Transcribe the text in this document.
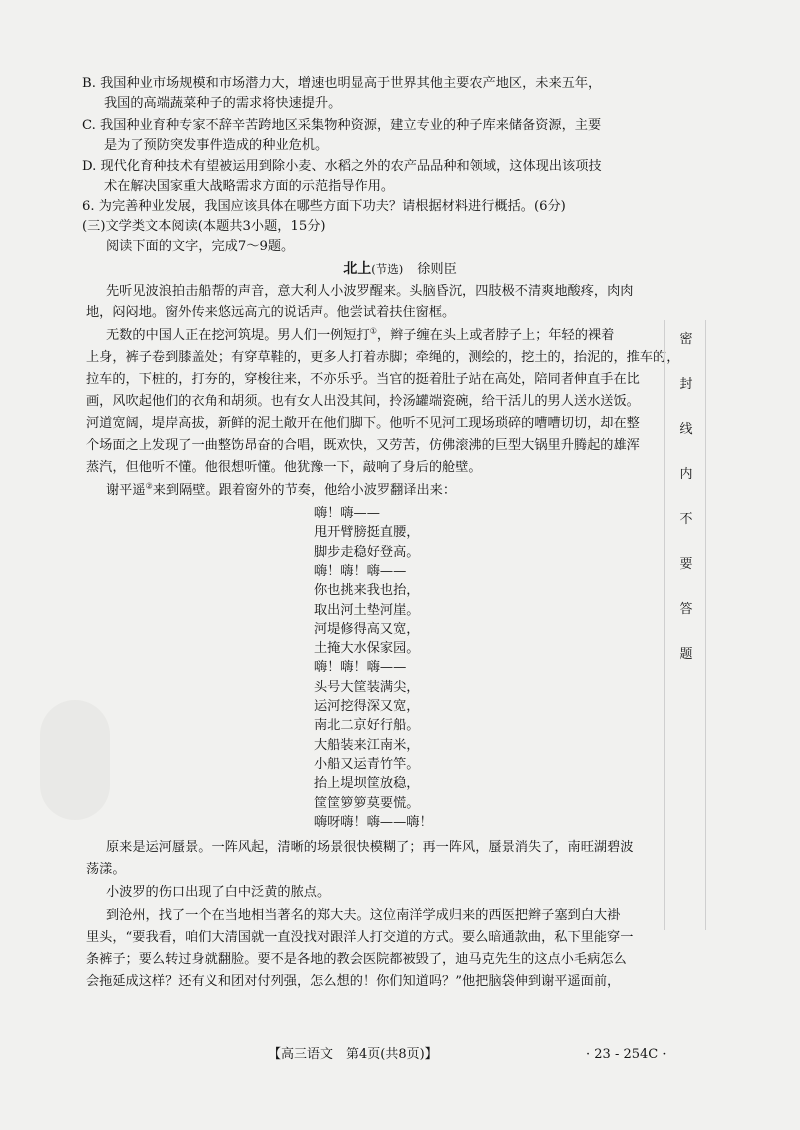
B. 我国种业市场规模和市场潜力大，增速也明显高于世界其他主要农产地区，未来五年，

我国的高端蔬菜种子的需求将快速提升。

C. 我国种业育种专家不辞辛苦跨地区采集物种资源，建立专业的种子库来储备资源，主要

是为了预防突发事件造成的种业危机。

D. 现代化育种技术有望被运用到除小麦、水稻之外的农产品品种和领域，这体现出该项技

术在解决国家重大战略需求方面的示范指导作用。

6. 为完善种业发展，我国应该具体在哪些方面下功夫？请根据材料进行概括。(6分)

(三)文学类文本阅读(本题共3小题，15分)

阅读下面的文字，完成7～9题。

北上(节选) 徐则臣

先听见波浪拍击船帮的声音，意大利人小波罗醒来。头脑昏沉，四肢极不清爽地酸疼，肉肉

地，闷闷地。窗外传来悠远高亢的说话声。他尝试着扶住窗框。

无数的中国人正在挖河筑堤。男人们一例短打①，辫子缠在头上或者脖子上；年轻的裸着

上身，裤子卷到膝盖处；有穿草鞋的，更多人打着赤脚；牵绳的，测绘的，挖土的，抬泥的，推车的，

拉车的，下桩的，打夯的，穿梭往来，不亦乐乎。当官的挺着肚子站在高处，陪同者伸直手在比

画，风吹起他们的衣角和胡须。也有女人出没其间，拎汤罐端瓷碗，给干活儿的男人送水送饭。

河道宽阔，堤岸高拔，新鲜的泥土敞开在他们脚下。他听不见河工现场琐碎的嘈嘈切切，却在整

个场面之上发现了一曲整饬昂奋的合唱，既欢快，又劳苦，仿佛滚沸的巨型大锅里升腾起的雄浑

蒸汽，但他听不懂。他很想听懂。他犹豫一下，敲响了身后的舱壁。

谢平遥②来到隔壁。跟着窗外的节奏，他给小波罗翻译出来：

嗨！嗨——
甩开臂膀挺直腰，
脚步走稳好登高。
嗨！嗨！嗨——
你也挑来我也抬，
取出河土垫河崖。
河堤修得高又宽，
土掩大水保家园。
嗨！嗨！嗨——
头号大筐装满尖，
运河挖得深又宽，
南北二京好行船。
大船装来江南米，
小船又运青竹竿。
抬上堤坝筐放稳，
筐筐箩箩莫要慌。
嗨呀嗨！嗨——嗨！

原来是运河蜃景。一阵风起，清晰的场景很快模糊了；再一阵风，蜃景消失了，南旺湖碧波

荡漾。

小波罗的伤口出现了白中泛黄的脓点。

到沧州，找了一个在当地相当著名的郑大夫。这位南洋学成归来的西医把辫子塞到白大褂

里头，“要我看，咱们大清国就一直没找对跟洋人打交道的方式。要么暗通款曲，私下里能穿一

条裤子；要么转过身就翻脸。要不是各地的教会医院都被毁了，迪马克先生的这点小毛病怎么

会拖延成这样？还有义和团对付列强，怎么想的！你们知道吗？”他把脑袋伸到谢平遥面前，

密
封
线
内
不
要
答
题
【高三语文　第4页(共8页)】	· 23 - 254C ·
